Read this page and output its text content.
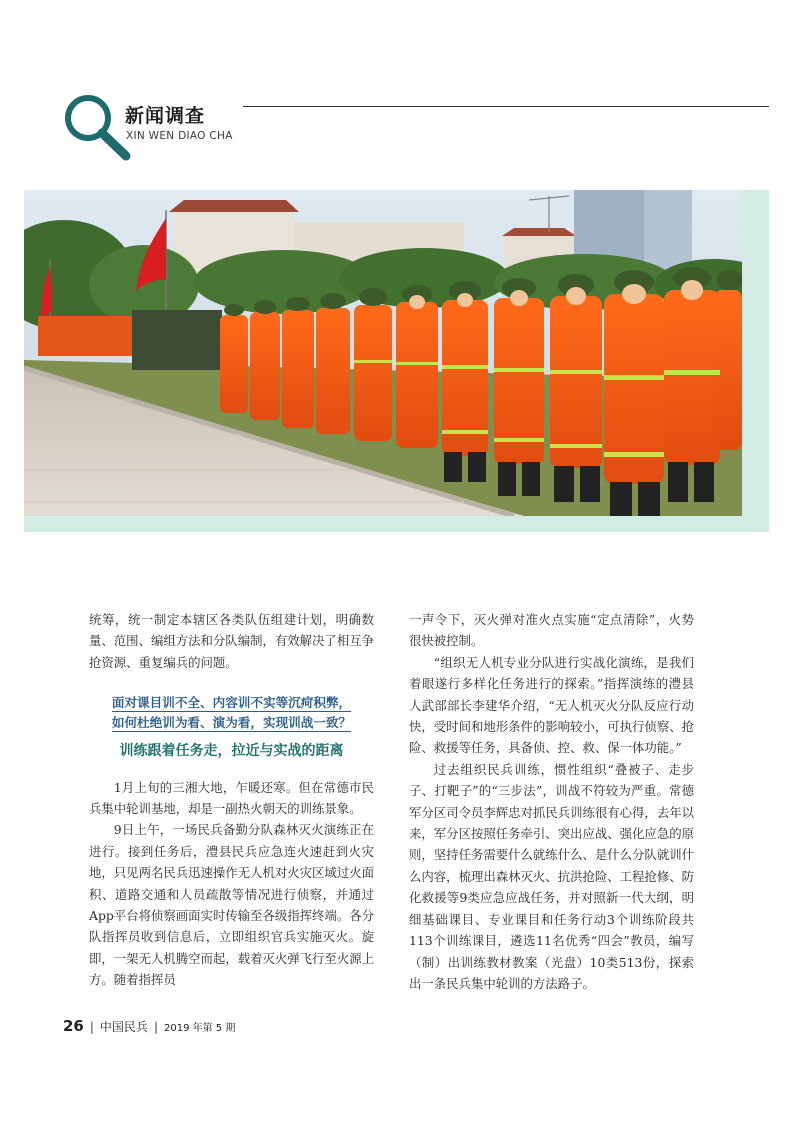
新闻调查
XIN WEN DIAO CHA

统筹，统一制定本辖区各类队伍组建计划，明确数量、范围、编组方法和分队编制，有效解决了相互争抢资源、重复编兵的问题。

面对课目训不全、内容训不实等沉疴积弊，
如何杜绝训为看、演为看，实现训战一致？
训练跟着任务走，拉近与实战的距离

1月上旬的三湘大地，乍暖还寒。但在常德市民兵集中轮训基地，却是一副热火朝天的训练景象。

9日上午，一场民兵备勤分队森林灭火演练正在进行。接到任务后，澧县民兵应急连火速赶到火灾地，只见两名民兵迅速操作无人机对火灾区域过火面积、道路交通和人员疏散等情况进行侦察，并通过App平台将侦察画面实时传输至各级指挥终端。各分队指挥员收到信息后，立即组织官兵实施灭火。旋即，一架无人机腾空而起，载着灭火弹飞行至火源上方。随着指挥员

一声令下，灭火弹对准火点实施“定点清除”，火势很快被控制。

“组织无人机专业分队进行实战化演练，是我们着眼遂行多样化任务进行的探索。”指挥演练的澧县人武部部长李建华介绍，“无人机灭火分队反应行动快，受时间和地形条件的影响较小，可执行侦察、抢险、救援等任务，具备侦、控、救、保一体功能。”

过去组织民兵训练，惯性组织“叠被子、走步子、打靶子”的“三步法”，训战不符较为严重。常德军分区司令员李辉忠对抓民兵训练很有心得，去年以来，军分区按照任务牵引、突出应战、强化应急的原则，坚持任务需要什么就练什么、是什么分队就训什么内容，梳理出森林灭火、抗洪抢险、工程抢修、防化救援等9类应急应战任务，并对照新一代大纲，明细基础课目、专业课目和任务行动3个训练阶段共113个训练课目，遴选11名优秀“四会”教员，编写（制）出训练教材教案（光盘）10类513份，探索出一条民兵集中轮训的方法路子。

26 | 中国民兵 | 2019 年第 5 期
